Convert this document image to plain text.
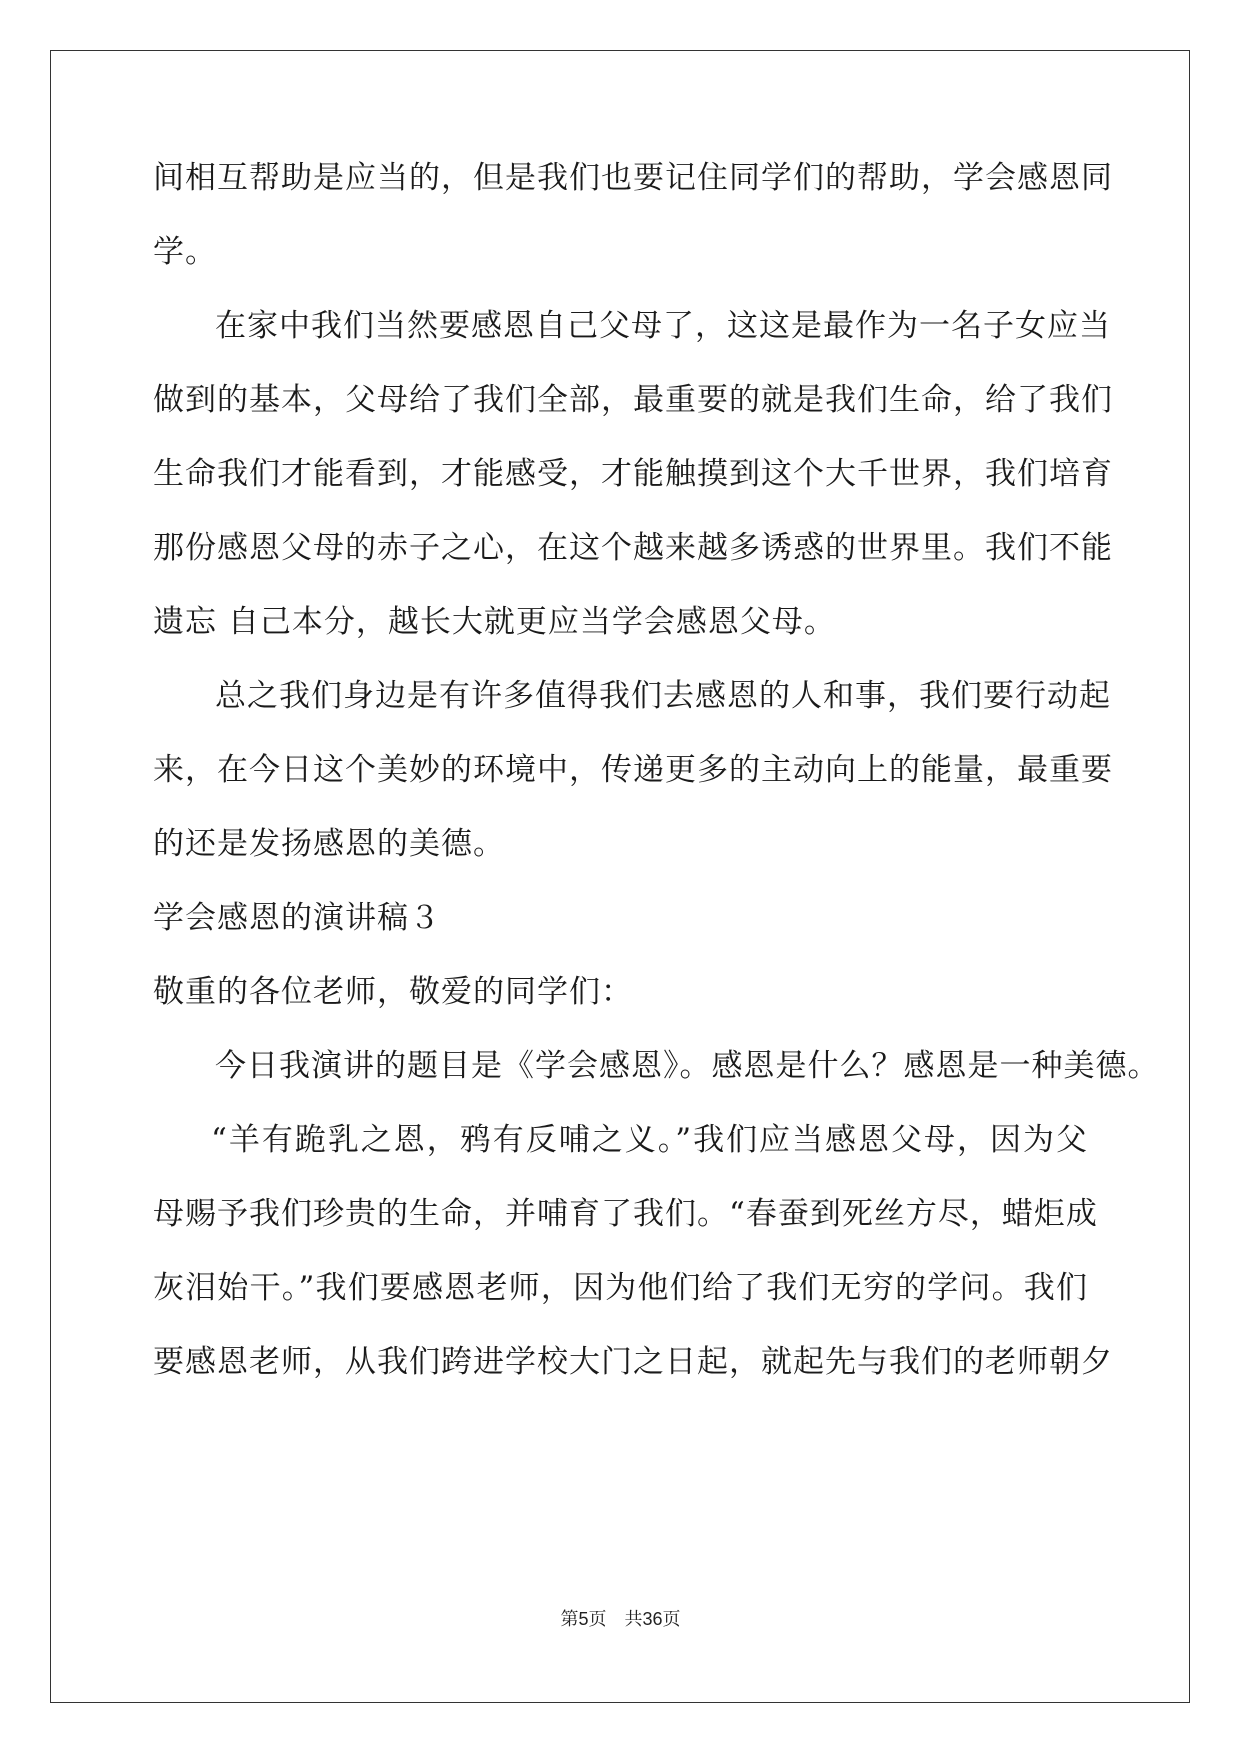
间相互帮助是应当的，但是我们也要记住同学们的帮助，学会感恩同
学。
在家中我们当然要感恩自己父母了，这这是最作为一名子女应当
做到的基本，父母给了我们全部，最重要的就是我们生命，给了我们
生命我们才能看到，才能感受，才能触摸到这个大千世界，我们培育
那份感恩父母的赤子之心，在这个越来越多诱惑的世界里。我们不能
遗忘 自己本分，越长大就更应当学会感恩父母。
总之我们身边是有许多值得我们去感恩的人和事，我们要行动起
来，在今日这个美妙的环境中，传递更多的主动向上的能量，最重要
的还是发扬感恩的美德。
学会感恩的演讲稿３
敬重的各位老师，敬爱的同学们：
今日我演讲的题目是《学会感恩》。感恩是什么？感恩是一种美德。
“羊有跪乳之恩，鸦有反哺之义。”我们应当感恩父母，因为父
母赐予我们珍贵的生命，并哺育了我们。“春蚕到死丝方尽，蜡炬成
灰泪始干。”我们要感恩老师，因为他们给了我们无穷的学问。我们
要感恩老师，从我们跨进学校大门之日起，就起先与我们的老师朝夕
第5页　共36页
